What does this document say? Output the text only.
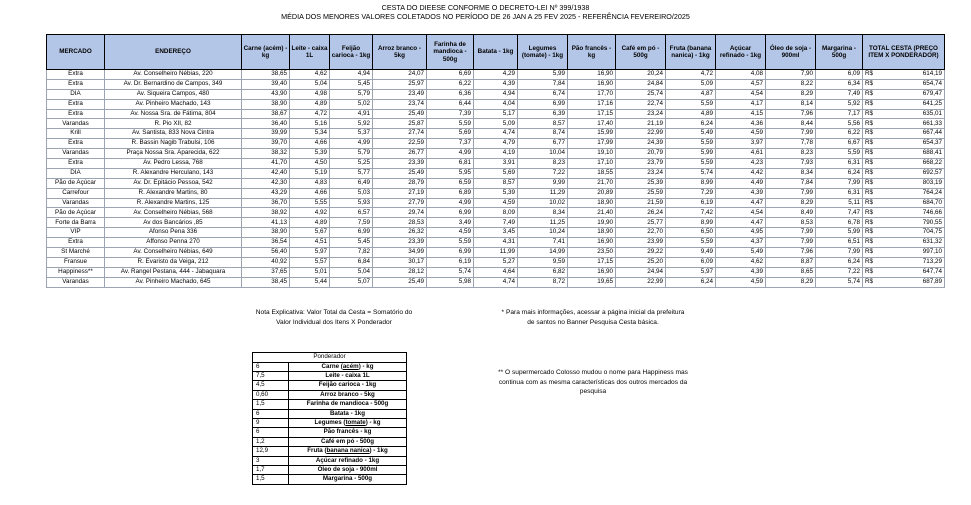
CESTA DO DIEESE CONFORME O DECRETO-LEI Nº 399/1938
MÉDIA DOS MENORES VALORES COLETADOS NO PERÍODO DE 26 JAN A 25 FEV 2025 - REFERÊNCIA FEVEREIRO/2025
MERCADO	ENDEREÇO	Carne (acém) - kg	Leite - caixa 1L	Feijão carioca - 1kg	Arroz branco - 5kg	Farinha de mandioca - 500g	Batata - 1kg	Legumes (tomate) - 1kg	Pão francês - kg	Café em pó - 500g	Fruta (banana nanica) - 1kg	Açúcar refinado - 1kg	Óleo de soja - 900ml	Margarina - 500g	TOTAL CESTA (PREÇO ITEM X PONDERADOR)
Extra	Av. Conselheiro Nébias, 220	38,65	4,62	4,94	24,07	6,69	4,29	5,99	16,90	20,24	4,72	4,08	7,90	6,09	R$ 614,19

Extra	Av. Dr. Bernardino de Campos, 349	39,40	5,04	5,45	25,97	6,22	4,39	7,84	16,90	24,84	5,09	4,57	8,22	6,34	R$ 654,74

DIA	Av. Siqueira Campos, 480	43,90	4,98	5,79	23,49	6,36	4,94	6,74	17,70	25,74	4,87	4,54	8,29	7,49	R$ 679,47

Extra	Av. Pinheiro Machado, 143	38,90	4,89	5,02	23,74	6,44	4,04	6,99	17,16	22,74	5,59	4,17	8,14	5,92	R$ 641,25

Extra	Av. Nossa Sra. de Fátima, 804	38,67	4,72	4,91	25,49	7,39	5,17	6,39	17,15	23,24	4,89	4,15	7,96	7,17	R$ 635,01

Varandas	R. Pio XII, 82	36,40	5,16	5,92	25,87	5,59	5,09	8,57	17,40	21,19	6,24	4,36	8,44	5,56	R$ 661,33

Krill	Av. Santista, 833 Nova Cintra	39,99	5,34	5,37	27,74	5,69	4,74	8,74	15,99	22,99	5,49	4,59	7,99	6,22	R$ 667,44

Extra	R. Bassin Nagib Trabulsi, 106	39,70	4,66	4,99	22,59	7,37	4,79	6,77	17,99	24,39	5,59	3,97	7,78	6,67	R$ 654,37

Varandas	Praça Nossa Sra. Aparecida, 622	38,32	5,39	5,79	26,77	4,99	4,19	10,04	19,10	20,79	5,99	4,61	8,23	5,59	R$ 688,41

Extra	Av. Pedro Lessa, 768	41,70	4,50	5,25	23,39	6,81	3,91	8,23	17,10	23,79	5,59	4,23	7,93	6,31	R$ 668,22

DIA	R. Alexandre Herculano, 143	42,40	5,19	5,77	25,49	5,95	5,69	7,22	18,55	23,24	5,74	4,42	8,34	6,24	R$ 692,57

Pão de Açúcar	Av. Dr. Epitácio Pessoa, 542	42,30	4,83	6,49	28,79	6,59	8,57	9,99	21,70	25,39	8,99	4,49	7,84	7,99	R$ 803,19

Carrefour	R. Alexandre Martins, 80	43,29	4,66	5,03	27,19	6,89	5,39	11,29	20,89	25,59	7,29	4,39	7,99	6,31	R$ 764,24

Varandas	R. Alexandre Martins, 125	36,70	5,55	5,93	27,79	4,99	4,59	10,02	18,90	21,59	6,19	4,47	8,29	5,11	R$ 684,70

Pão de Açúcar	Av. Conselheiro Nébias, 568	38,92	4,92	6,57	29,74	6,99	8,09	8,34	21,40	26,24	7,42	4,54	8,49	7,47	R$ 746,66

Forte da Barra	Av dos Bancários ,85	41,13	4,89	7,59	28,53	3,49	7,49	11,25	19,90	25,77	8,99	4,47	8,53	6,78	R$ 790,55

VIP	Afonso Pena 336	38,90	5,67	6,99	26,32	4,59	3,45	10,24	18,90	22,70	6,50	4,95	7,99	5,99	R$ 704,75

Extra	Affonso Penna 270	36,54	4,51	5,45	23,39	5,59	4,31	7,41	16,90	23,99	5,59	4,37	7,99	6,51	R$ 631,32

St Marché	Av. Conselheiro Nébias, 649	56,40	5,97	7,82	34,99	6,99	11,99	14,99	23,50	29,22	9,49	5,49	7,96	7,99	R$ 997,10

Fransue	R. Evaristo da Veiga, 212	40,92	5,57	6,84	30,17	6,19	5,27	9,59	17,15	25,20	6,09	4,62	8,87	6,24	R$ 713,29

Happiness**	Av. Rangel Pestana, 444 - Jabaquara	37,65	5,01	5,04	28,12	5,74	4,64	6,82	16,90	24,94	5,97	4,39	8,65	7,22	R$ 647,74

Varandas	Av. Pinheiro Machado, 645	38,45	5,44	5,07	25,49	5,98	4,74	8,72	19,65	22,99	6,24	4,59	8,29	5,74	R$ 687,89
Nota Explicativa: Valor Total da Cesta = Somatório do Valor Individual dos Itens X Ponderador
* Para mais informações, acessar a página inicial da prefeitura de santos no Banner Pesquisa Cesta básica.
** O supermercado Colosso mudou o nome para Happiness mas continua com as mesma características dos outros mercados da pesquisa
Ponderador	
6	Carne (acém) - kg
7,5	Leite - caixa 1L
4,5	Feijão carioca - 1kg
0,60	Arroz branco - 5kg
1,5	Farinha de mandioca - 500g
6	Batata - 1kg
9	Legumes (tomate) - kg
6	Pão francês - kg
1,2	Café em pó - 500g
12,9	Fruta (banana nanica) - 1kg
3	Açúcar refinado - 1kg
1,7	Óleo de soja - 900ml
1,5	Margarina - 500g
